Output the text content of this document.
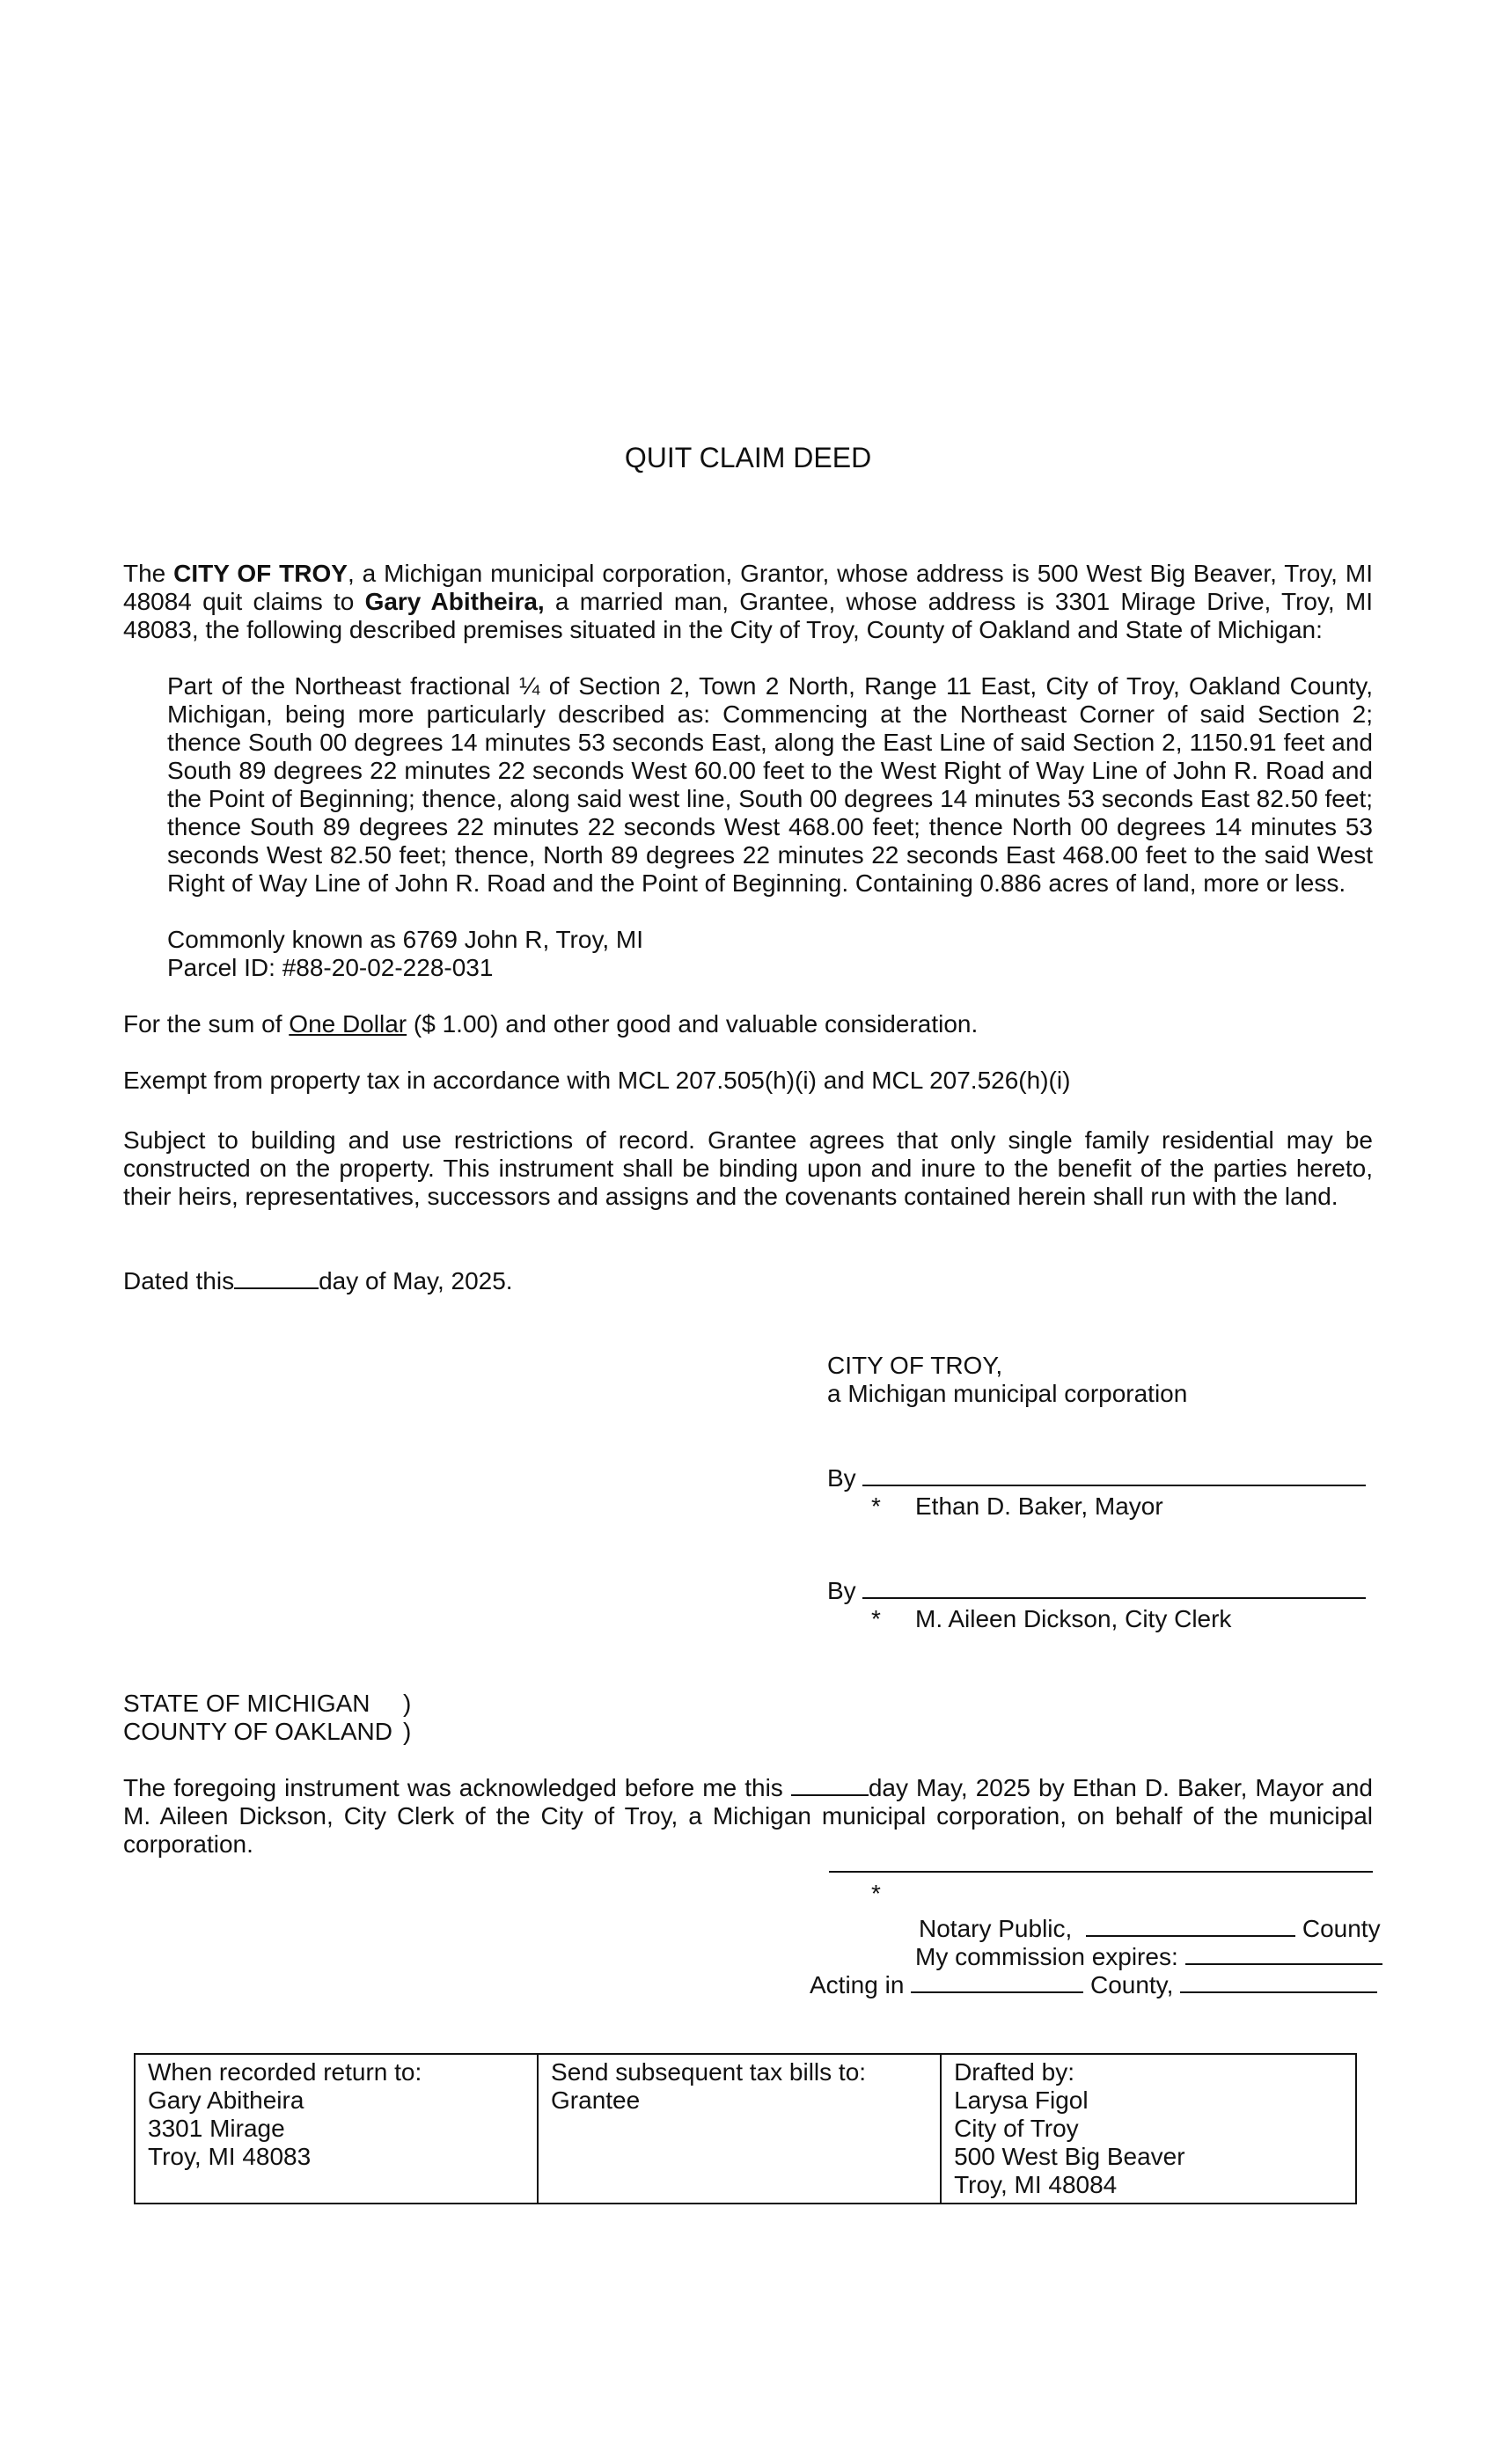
QUIT CLAIM DEED
The CITY OF TROY, a Michigan municipal corporation, Grantor, whose address is 500 West Big Beaver, Troy, MI 48084 quit claims to Gary Abitheira, a married man, Grantee, whose address is 3301 Mirage Drive, Troy, MI 48083, the following described premises situated in the City of Troy, County of Oakland and State of Michigan:
Part of the Northeast fractional ¼ of Section 2, Town 2 North, Range 11 East, City of Troy, Oakland County, Michigan, being more particularly described as: Commencing at the Northeast Corner of said Section 2; thence South 00 degrees 14 minutes 53 seconds East, along the East Line of said Section 2, 1150.91 feet and South 89 degrees 22 minutes 22 seconds West 60.00 feet to the West Right of Way Line of John R. Road and the Point of Beginning; thence, along said west line, South 00 degrees 14 minutes 53 seconds East 82.50 feet; thence South 89 degrees 22 minutes 22 seconds West 468.00 feet; thence North 00 degrees 14 minutes 53 seconds West 82.50 feet; thence, North 89 degrees 22 minutes 22 seconds East 468.00 feet to the said West Right of Way Line of John R. Road and the Point of Beginning. Containing 0.886 acres of land, more or less.
Commonly known as 6769 John R, Troy, MI
Parcel ID: #88-20-02-228-031
For the sum of One Dollar ($ 1.00) and other good and valuable consideration.
Exempt from property tax in accordance with MCL 207.505(h)(i) and MCL 207.526(h)(i)
Subject to building and use restrictions of record. Grantee agrees that only single family residential may be constructed on the property. This instrument shall be binding upon and inure to the benefit of the parties hereto, their heirs, representatives, successors and assigns and the covenants contained herein shall run with the land.
Dated this	day of May, 2025.
CITY OF TROY,
a Michigan municipal corporation
By
* Ethan D. Baker, Mayor
By
* M. Aileen Dickson, City Clerk
STATE OF MICHIGAN )
COUNTY OF OAKLAND )
The foregoing instrument was acknowledged before me this	day May, 2025 by Ethan D. Baker, Mayor and M. Aileen Dickson, City Clerk of the City of Troy, a Michigan municipal corporation, on behalf of the municipal corporation.
*
Notary Public,	County
My commission expires:
Acting in	County,
When recorded return to:
Gary Abitheira
3301 Mirage
Troy, MI 48083

Send subsequent tax bills to:
Grantee

Drafted by:
Larysa Figol
City of Troy
500 West Big Beaver
Troy, MI 48084
